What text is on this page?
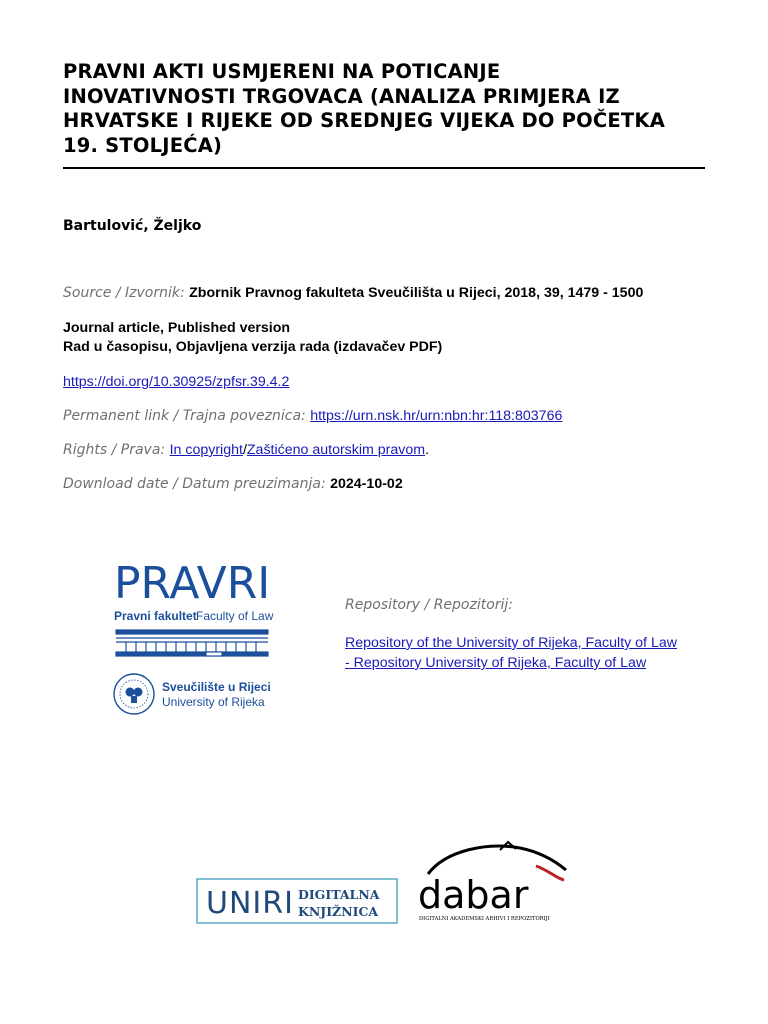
PRAVNI AKTI USMJERENI NA POTICANJE
INOVATIVNOSTI TRGOVACA (ANALIZA PRIMJERA IZ
HRVATSKE I RIJEKE OD SREDNJEG VIJEKA DO POČETKA
19. STOLJEĆA)
Bartulović, Željko
Source / Izvornik: Zbornik Pravnog fakulteta Sveučilišta u Rijeci, 2018, 39, 1479 - 1500
Journal article, Published version
Rad u časopisu, Objavljena verzija rada (izdavačev PDF)
https://doi.org/10.30925/zpfsr.39.4.2
Permanent link / Trajna poveznica: https://urn.nsk.hr/urn:nbn:hr:118:803766
Rights / Prava: In copyright/Zaštićeno autorskim pravom.
Download date / Datum preuzimanja: 2024-10-02
PRAVRI
Pravni fakultet Faculty of Law
Sveučilište u Rijeci
University of Rijeka
Repository / Repozitorij:
Repository of the University of Rijeka, Faculty of Law
- Repository University of Rijeka, Faculty of Law
UNIRI DIGITALNA
KNJIŽNICA dabar
DIGITALNI AKADEMSKI ARHIVI I REPOZITORIJI
